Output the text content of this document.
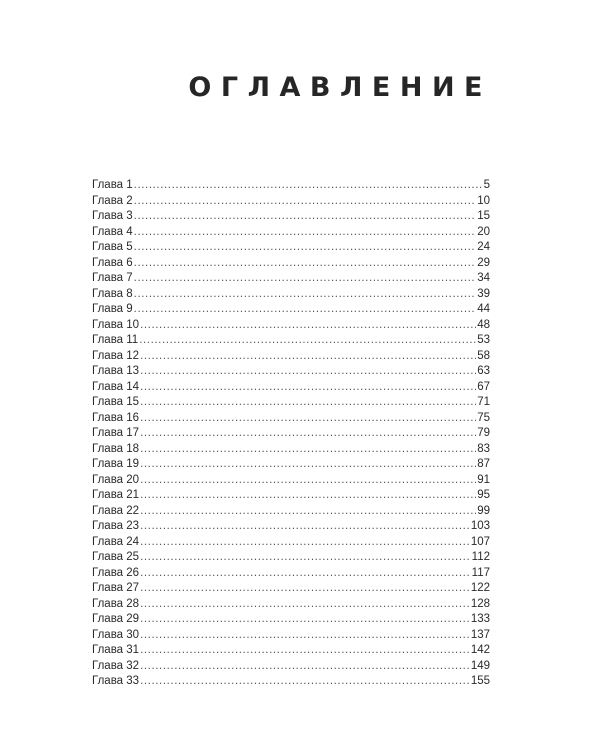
ОГЛАВЛЕНИЕ
Глава 1 .....	5
Глава 2 .....	10
Глава 3 .....	15
Глава 4 .....	20
Глава 5 .....	24
Глава 6 .....	29
Глава 7 .....	34
Глава 8 .....	39
Глава 9 .....	44
Глава 10 .....	48
Глава 11 .....	53
Глава 12 .....	58
Глава 13 .....	63
Глава 14 .....	67
Глава 15 .....	71
Глава 16 .....	75
Глава 17 .....	79
Глава 18 .....	83
Глава 19 .....	87
Глава 20 .....	91
Глава 21 .....	95
Глава 22 .....	99
Глава 23 .....	103
Глава 24 .....	107
Глава 25 .....	112
Глава 26 .....	117
Глава 27 .....	122
Глава 28 .....	128
Глава 29 .....	133
Глава 30 .....	137
Глава 31 .....	142
Глава 32 .....	149
Глава 33 .....	155
